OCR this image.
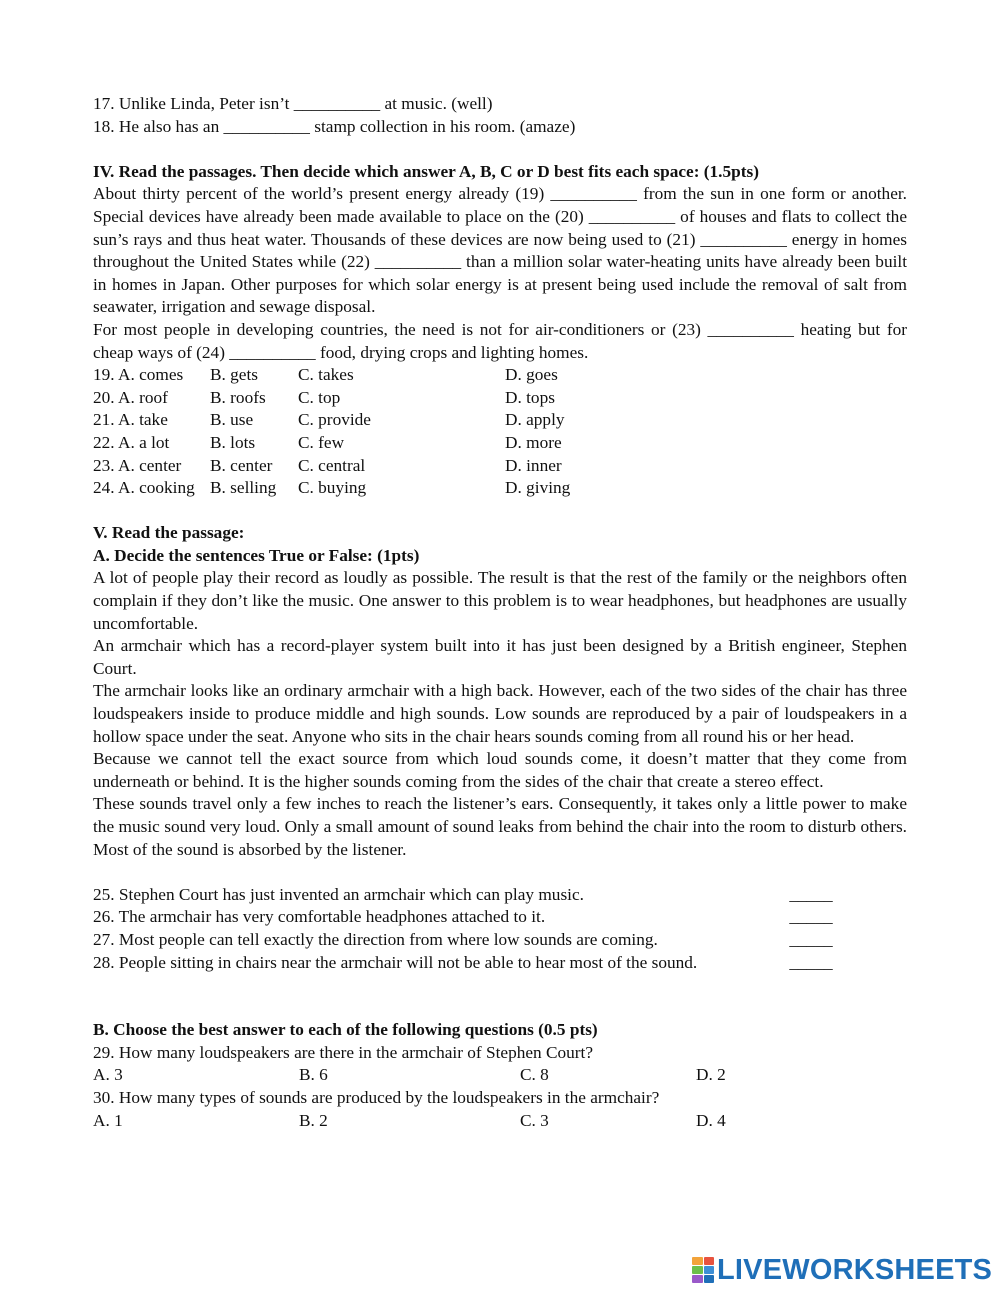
17. Unlike Linda, Peter isn’t __________ at music. (well)
18. He also has an __________ stamp collection in his room. (amaze)
IV. Read the passages. Then decide which answer A, B, C or D best fits each space: (1.5pts)
About thirty percent of the world’s present energy already (19) __________ from the sun in one form or another. Special devices have already been made available to place on the (20) __________ of houses and flats to collect the sun’s rays and thus heat water. Thousands of these devices are now being used to (21) __________ energy in homes throughout the United States while (22) __________ than a million solar water-heating units have already been built in homes in Japan. Other purposes for which solar energy is at present being used include the removal of salt from seawater, irrigation and sewage disposal.
For most people in developing countries, the need is not for air-conditioners or (23) __________ heating but for cheap ways of (24) __________ food, drying crops and lighting homes.
19. A. comes	B. gets	C. takes	D. goes
20. A. roof	B. roofs	C. top	D. tops
21. A. take	B. use	C. provide	D. apply
22. A. a lot	B. lots	C. few	D. more
23. A. center	B. center	C. central	D. inner
24. A. cooking B. selling	C. buying	D. giving
V. Read the passage:
A. Decide the sentences True or False: (1pts)
A lot of people play their record as loudly as possible. The result is that the rest of the family or the neighbors often complain if they don’t like the music. One answer to this problem is to wear headphones, but headphones are usually uncomfortable.
An armchair which has a record-player system built into it has just been designed by a British engineer, Stephen Court.
The armchair looks like an ordinary armchair with a high back. However, each of the two sides of the chair has three loudspeakers inside to produce middle and high sounds. Low sounds are reproduced by a pair of loudspeakers in a hollow space under the seat. Anyone who sits in the chair hears sounds coming from all round his or her head.
Because we cannot tell the exact source from which loud sounds come, it doesn’t matter that they come from underneath or behind. It is the higher sounds coming from the sides of the chair that create a stereo effect.
These sounds travel only a few inches to reach the listener’s ears. Consequently, it takes only a little power to make the music sound very loud. Only a small amount of sound leaks from behind the chair into the room to disturb others. Most of the sound is absorbed by the listener.
25. Stephen Court has just invented an armchair which can play music.	_____
26. The armchair has very comfortable headphones attached to it.	_____
27. Most people can tell exactly the direction from where low sounds are coming.	_____
28. People sitting in chairs near the armchair will not be able to hear most of the sound.	_____
B. Choose the best answer to each of the following questions (0.5 pts)
29. How many loudspeakers are there in the armchair of Stephen Court?
A. 3	B. 6	C. 8	D. 2
30. How many types of sounds are produced by the loudspeakers in the armchair?
A. 1	B. 2	C. 3	D. 4
LIVEWORKSHEETS
